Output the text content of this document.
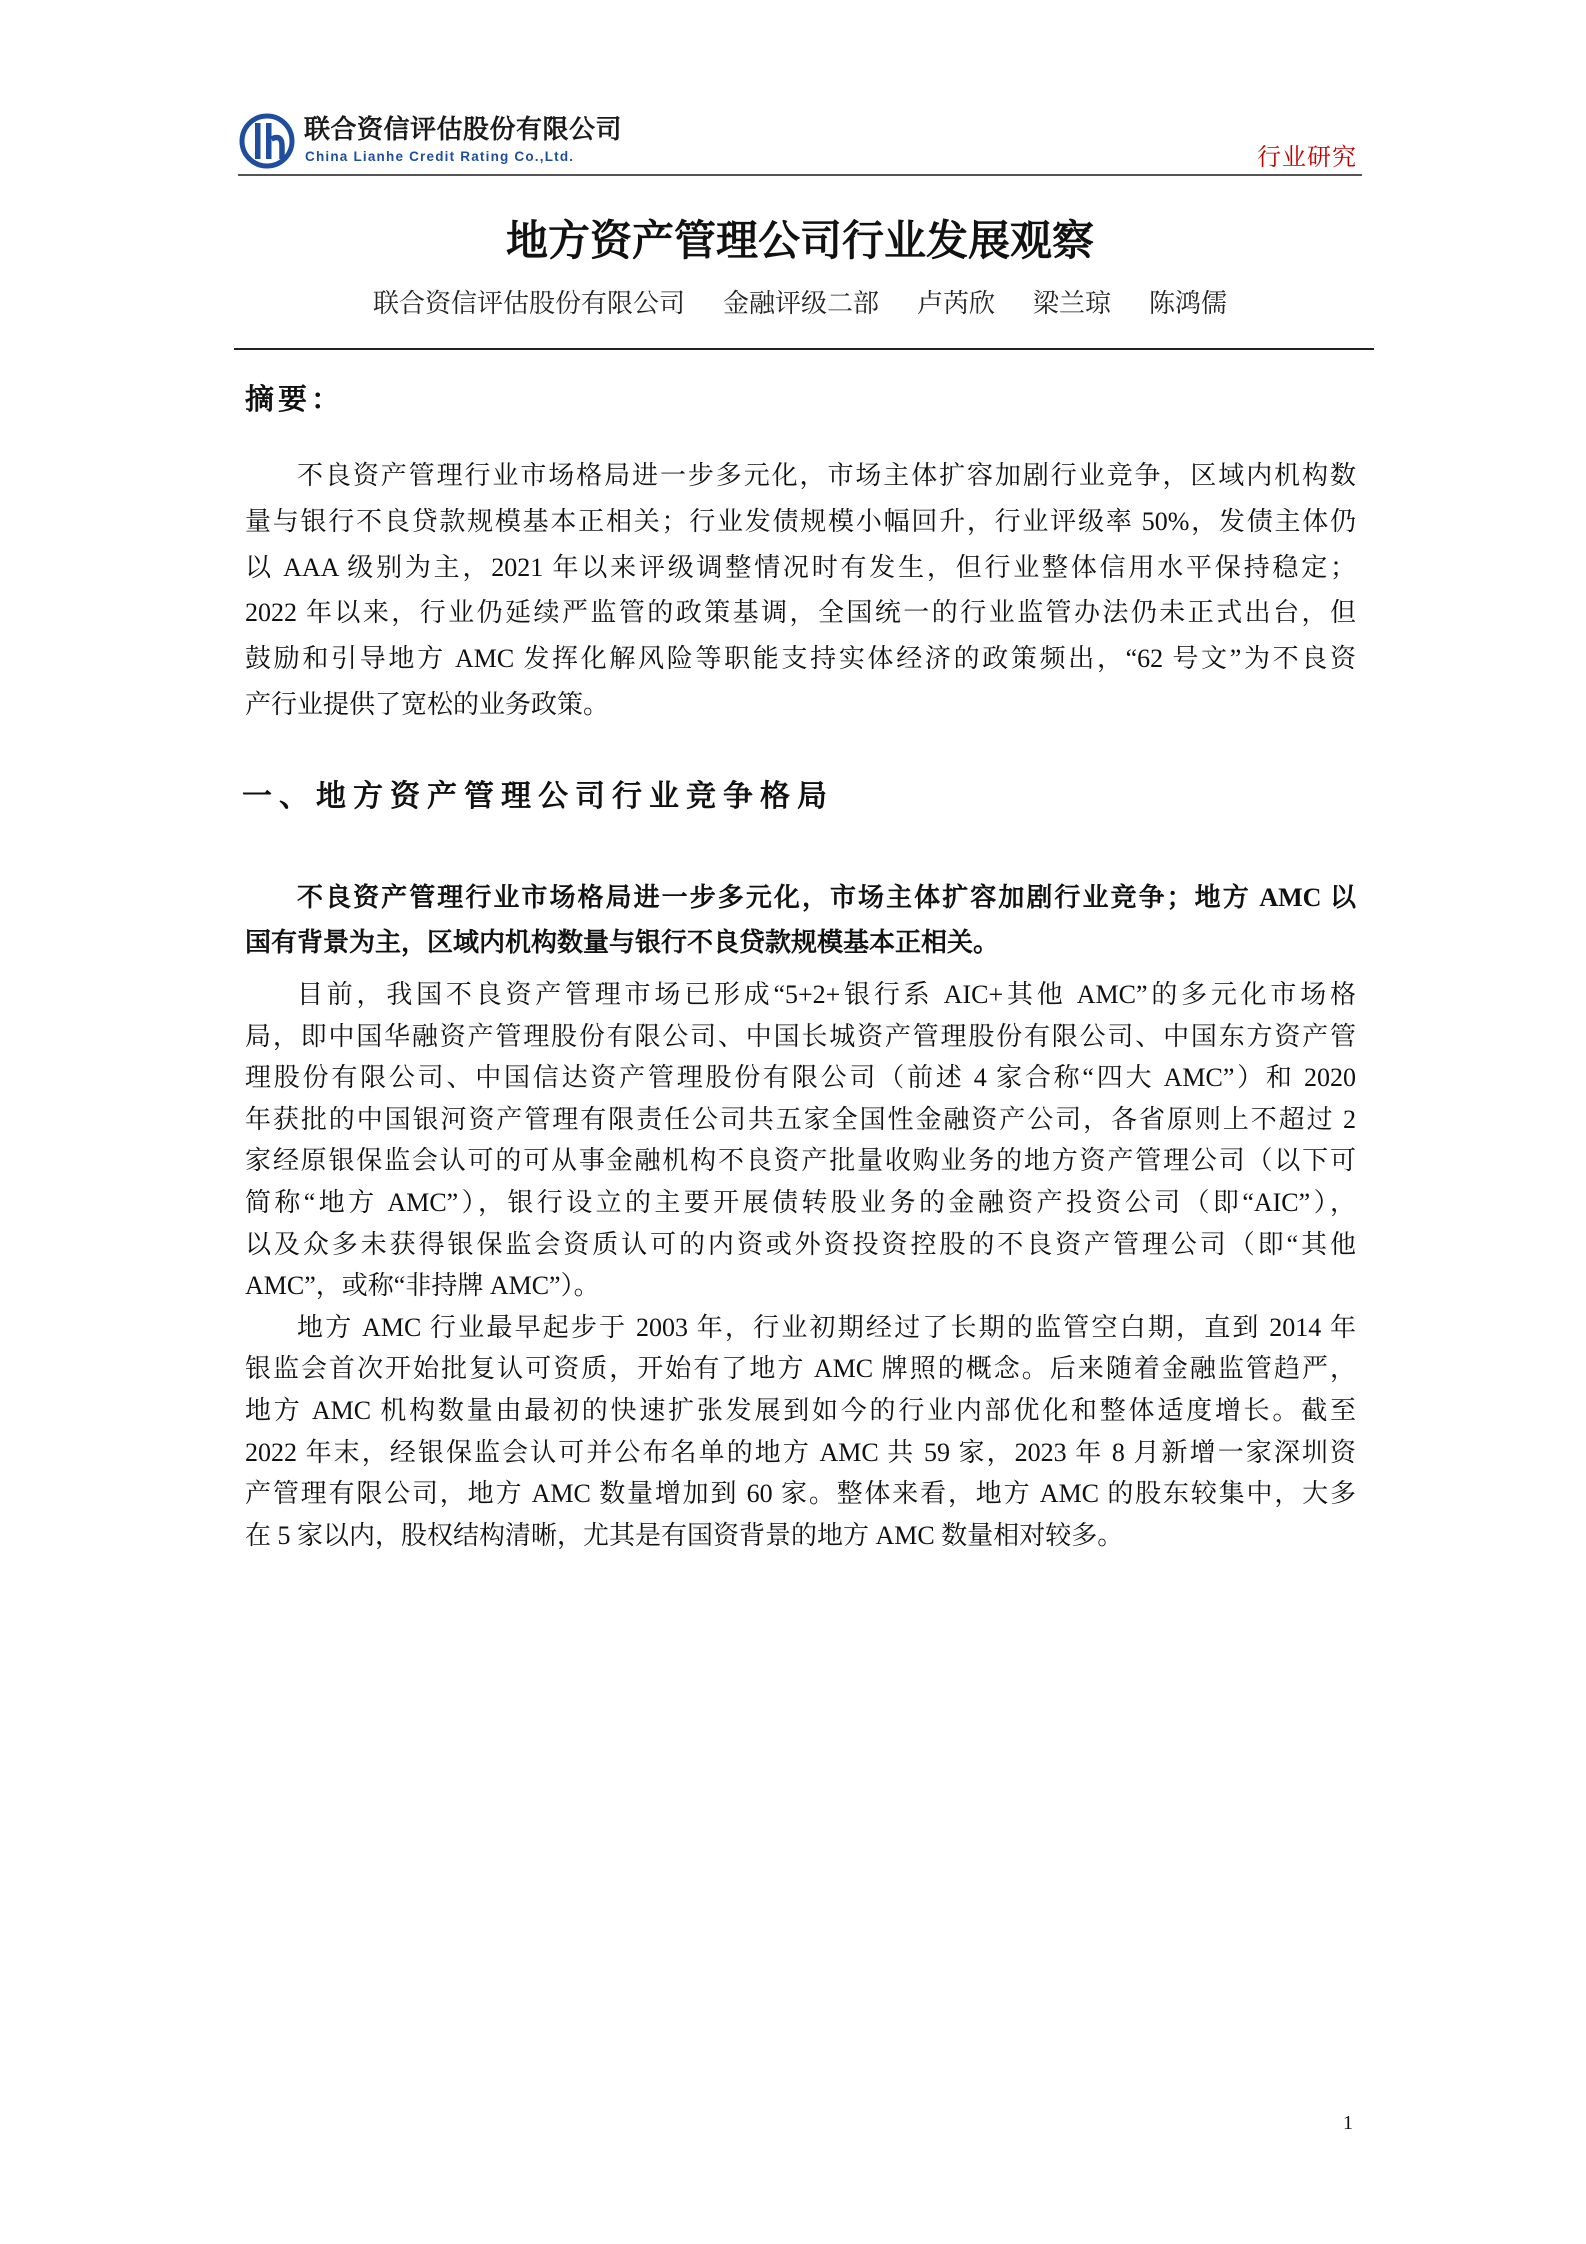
联合资信评估股份有限公司
China Lianhe Credit Rating Co.,Ltd.	行业研究
地方资产管理公司行业发展观察
联合资信评估股份有限公司 金融评级二部 卢芮欣 梁兰琼 陈鸿儒
摘要：
不良资产管理行业市场格局进一步多元化，市场主体扩容加剧行业竞争，区域内机构数
量与银行不良贷款规模基本正相关；行业发债规模小幅回升，行业评级率 50%，发债主体仍
以 AAA 级别为主，2021 年以来评级调整情况时有发生，但行业整体信用水平保持稳定；
2022 年以来，行业仍延续严监管的政策基调，全国统一的行业监管办法仍未正式出台，但
鼓励和引导地方 AMC 发挥化解风险等职能支持实体经济的政策频出，“62 号文”为不良资
产行业提供了宽松的业务政策。
一、地方资产管理公司行业竞争格局
不良资产管理行业市场格局进一步多元化，市场主体扩容加剧行业竞争；地方 AMC 以
国有背景为主，区域内机构数量与银行不良贷款规模基本正相关。
目前，我国不良资产管理市场已形成“5+2+银行系 AIC+其他 AMC”的多元化市场格
局，即中国华融资产管理股份有限公司、中国长城资产管理股份有限公司、中国东方资产管
理股份有限公司、中国信达资产管理股份有限公司（前述 4 家合称“四大 AMC”）和 2020
年获批的中国银河资产管理有限责任公司共五家全国性金融资产公司，各省原则上不超过 2
家经原银保监会认可的可从事金融机构不良资产批量收购业务的地方资产管理公司（以下可
简称“地方 AMC”），银行设立的主要开展债转股业务的金融资产投资公司（即“AIC”），
以及众多未获得银保监会资质认可的内资或外资投资控股的不良资产管理公司（即“其他
AMC”，或称“非持牌 AMC”）。
地方 AMC 行业最早起步于 2003 年，行业初期经过了长期的监管空白期，直到 2014 年
银监会首次开始批复认可资质，开始有了地方 AMC 牌照的概念。后来随着金融监管趋严，
地方 AMC 机构数量由最初的快速扩张发展到如今的行业内部优化和整体适度增长。截至
2022 年末，经银保监会认可并公布名单的地方 AMC 共 59 家，2023 年 8 月新增一家深圳资
产管理有限公司，地方 AMC 数量增加到 60 家。整体来看，地方 AMC 的股东较集中，大多
在 5 家以内，股权结构清晰，尤其是有国资背景的地方 AMC 数量相对较多。
1
